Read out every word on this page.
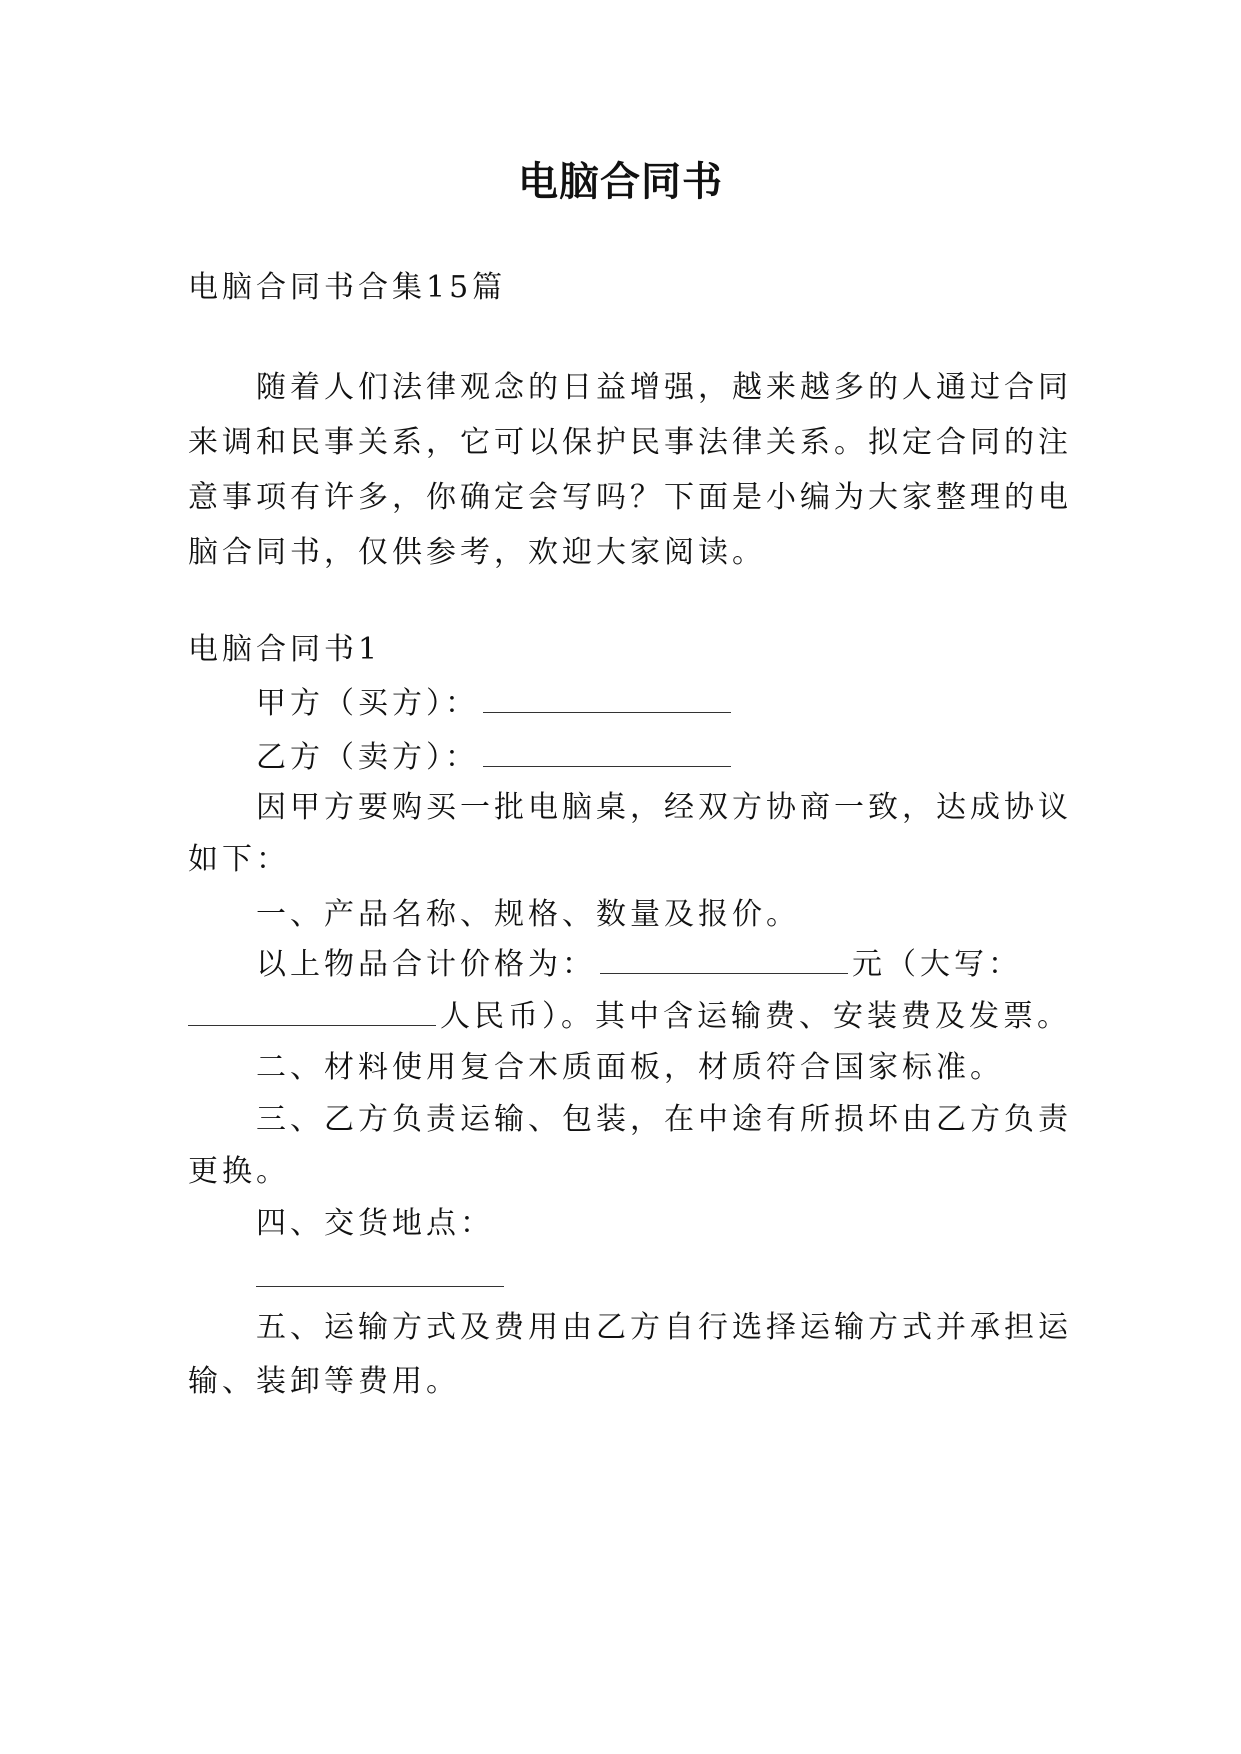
电脑合同书
电脑合同书合集15篇
随着人们法律观念的日益增强，越来越多的人通过合同
来调和民事关系，它可以保护民事法律关系。拟定合同的注
意事项有许多，你确定会写吗？下面是小编为大家整理的电
脑合同书，仅供参考，欢迎大家阅读。
电脑合同书1
甲方（买方）：
乙方（卖方）：
因甲方要购买一批电脑桌，经双方协商一致，达成协议
如下：
一、产品名称、规格、数量及报价。
以上物品合计价格为：	元（大写：
人民币）。其中含运输费、安装费及发票。
二、材料使用复合木质面板，材质符合国家标准。
三、乙方负责运输、包装，在中途有所损坏由乙方负责
更换。
四、交货地点：
五、运输方式及费用由乙方自行选择运输方式并承担运
输、装卸等费用。
